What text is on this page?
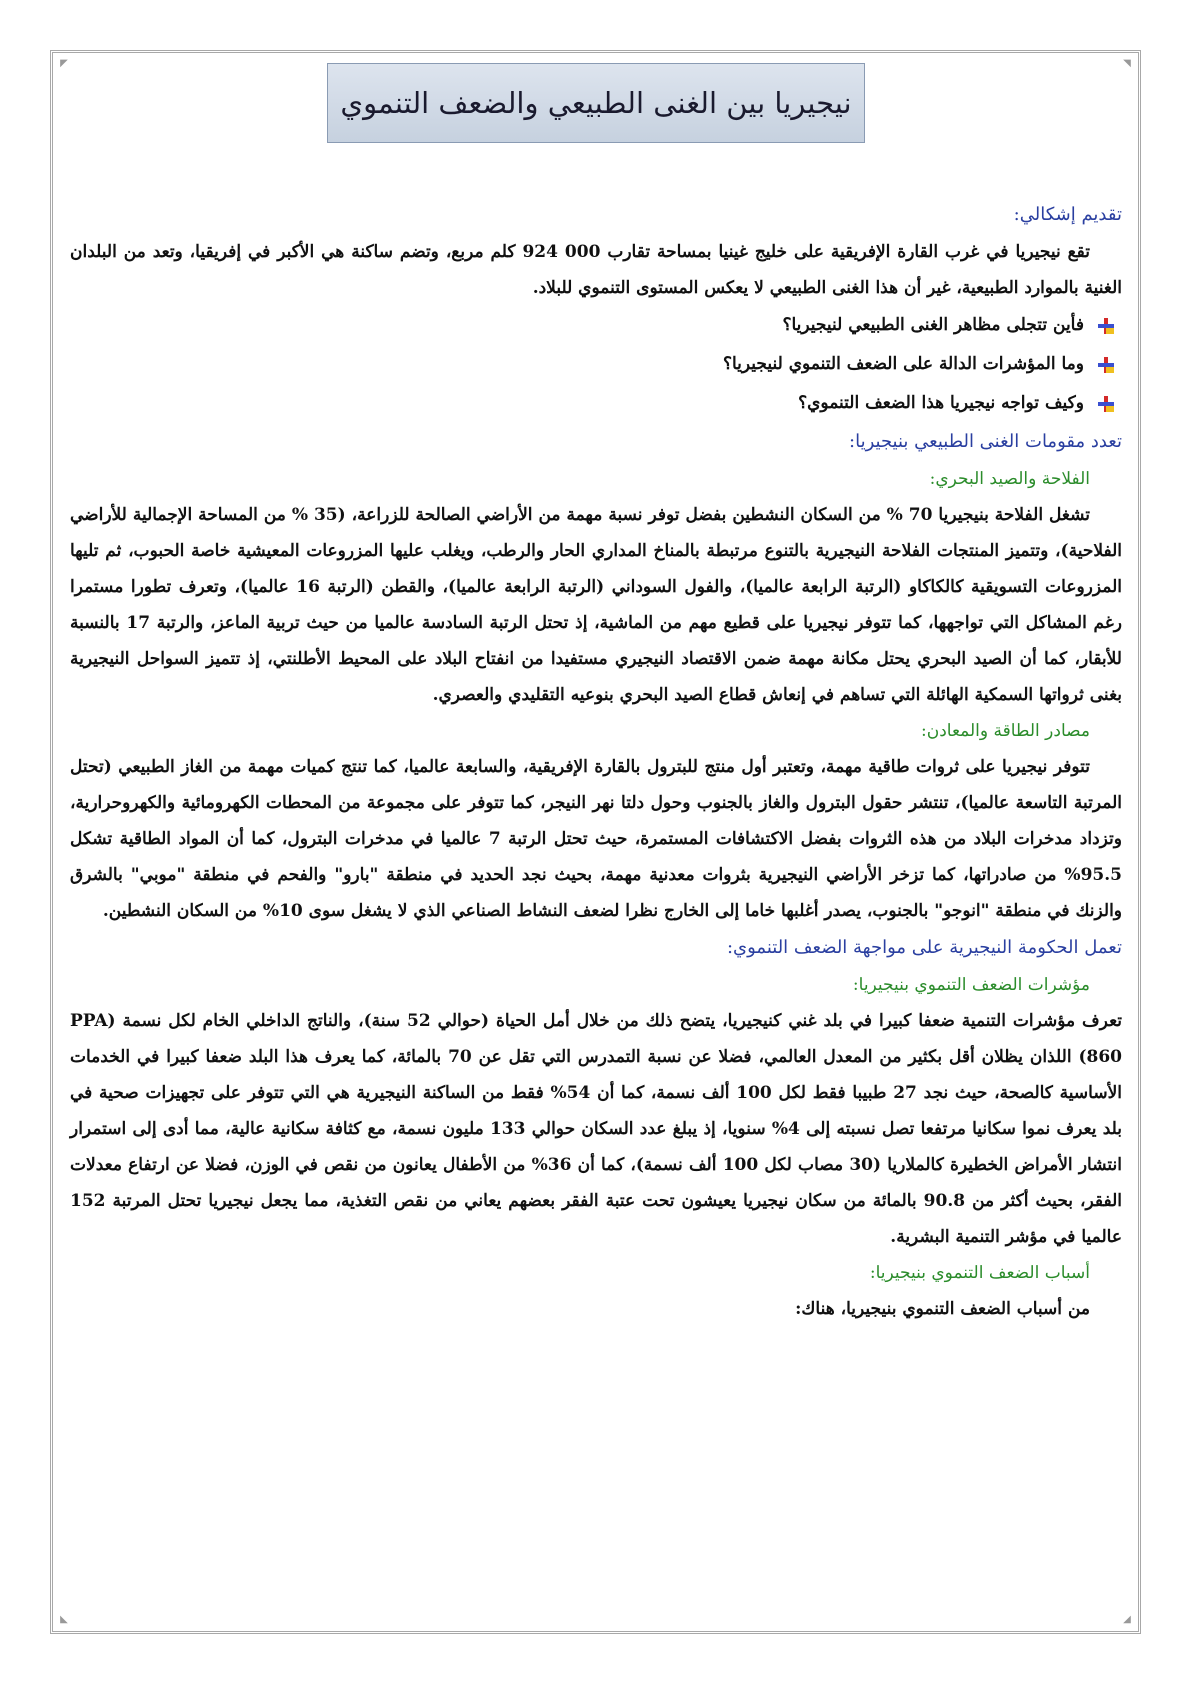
◤	◥
◣	◢
نيجيريا بين الغنى الطبيعي والضعف التنموي
تقديم إشكالي:

تقع نيجيريا في غرب القارة الإفريقية على خليج غينيا بمساحة تقارب 000 924 كلم مربع، وتضم ساكنة هي الأكبر في إفريقيا، وتعد من البلدان الغنية بالموارد الطبيعية، غير أن هذا الغنى الطبيعي لا يعكس المستوى التنموي للبلاد.

فأين تتجلى مظاهر الغنى الطبيعي لنيجيريا؟
وما المؤشرات الدالة على الضعف التنموي لنيجيريا؟
وكيف تواجه نيجيريا هذا الضعف التنموي؟
تعدد مقومات الغنى الطبيعي بنيجيريا:
الفلاحة والصيد البحري:

تشغل الفلاحة بنيجيريا 70 % من السكان النشطين بفضل توفر نسبة مهمة من الأراضي الصالحة للزراعة، (35 % من المساحة الإجمالية للأراضي الفلاحية)، وتتميز المنتجات الفلاحة النيجيرية بالتنوع مرتبطة بالمناخ المداري الحار والرطب، ويغلب عليها المزروعات المعيشية خاصة الحبوب، ثم تليها المزروعات التسويقية كالكاكاو (الرتبة الرابعة عالميا)، والفول السوداني (الرتبة الرابعة عالميا)، والقطن (الرتبة 16 عالميا)، وتعرف تطورا مستمرا رغم المشاكل التي تواجهها، كما تتوفر نيجيريا على قطيع مهم من الماشية، إذ تحتل الرتبة السادسة عالميا من حيث تربية الماعز، والرتبة 17 بالنسبة للأبقار، كما أن الصيد البحري يحتل مكانة مهمة ضمن الاقتصاد النيجيري مستفيدا من انفتاح البلاد على المحيط الأطلنتي، إذ تتميز السواحل النيجيرية بغنى ثرواتها السمكية الهائلة التي تساهم في إنعاش قطاع الصيد البحري بنوعيه التقليدي والعصري.

مصادر الطاقة والمعادن:

تتوفر نيجيريا على ثروات طاقية مهمة، وتعتبر أول منتج للبترول بالقارة الإفريقية، والسابعة عالميا، كما تنتج كميات مهمة من الغاز الطبيعي (تحتل المرتبة التاسعة عالميا)، تنتشر حقول البترول والغاز بالجنوب وحول دلتا نهر النيجر، كما تتوفر على مجموعة من المحطات الكهرومائية والكهروحرارية، وتزداد مدخرات البلاد من هذه الثروات بفضل الاكتشافات المستمرة، حيث تحتل الرتبة 7 عالميا في مدخرات البترول، كما أن المواد الطاقية تشكل 95.5% من صادراتها، كما تزخر الأراضي النيجيرية بثروات معدنية مهمة، بحيث نجد الحديد في منطقة "بارو" والفحم في منطقة "موبي" بالشرق والزنك في منطقة "انوجو" بالجنوب، يصدر أغلبها خاما إلى الخارج نظرا لضعف النشاط الصناعي الذي لا يشغل سوى 10% من السكان النشطين.

تعمل الحكومة النيجيرية على مواجهة الضعف التنموي:
مؤشرات الضعف التنموي بنيجيريا:

تعرف مؤشرات التنمية ضعفا كبيرا في بلد غني كنيجيريا، يتضح ذلك من خلال أمل الحياة (حوالي 52 سنة)، والناتج الداخلي الخام لكل نسمة (PPA 860) اللذان يظلان أقل بكثير من المعدل العالمي، فضلا عن نسبة التمدرس التي تقل عن 70 بالمائة، كما يعرف هذا البلد ضعفا كبيرا في الخدمات الأساسية كالصحة، حيث نجد 27 طبيبا فقط لكل 100 ألف نسمة، كما أن 54% فقط من الساكنة النيجيرية هي التي تتوفر على تجهيزات صحية في بلد يعرف نموا سكانيا مرتفعا تصل نسبته إلى 4% سنويا، إذ يبلغ عدد السكان حوالي 133 مليون نسمة، مع كثافة سكانية عالية، مما أدى إلى استمرار انتشار الأمراض الخطيرة كالملاريا (30 مصاب لكل 100 ألف نسمة)، كما أن 36% من الأطفال يعانون من نقص في الوزن، فضلا عن ارتفاع معدلات الفقر، بحيث أكثر من 90.8 بالمائة من سكان نيجيريا يعيشون تحت عتبة الفقر بعضهم يعاني من نقص التغذية، مما يجعل نيجيريا تحتل المرتبة 152 عالميا في مؤشر التنمية البشرية.

أسباب الضعف التنموي بنيجيريا:

من أسباب الضعف التنموي بنيجيريا، هناك:
